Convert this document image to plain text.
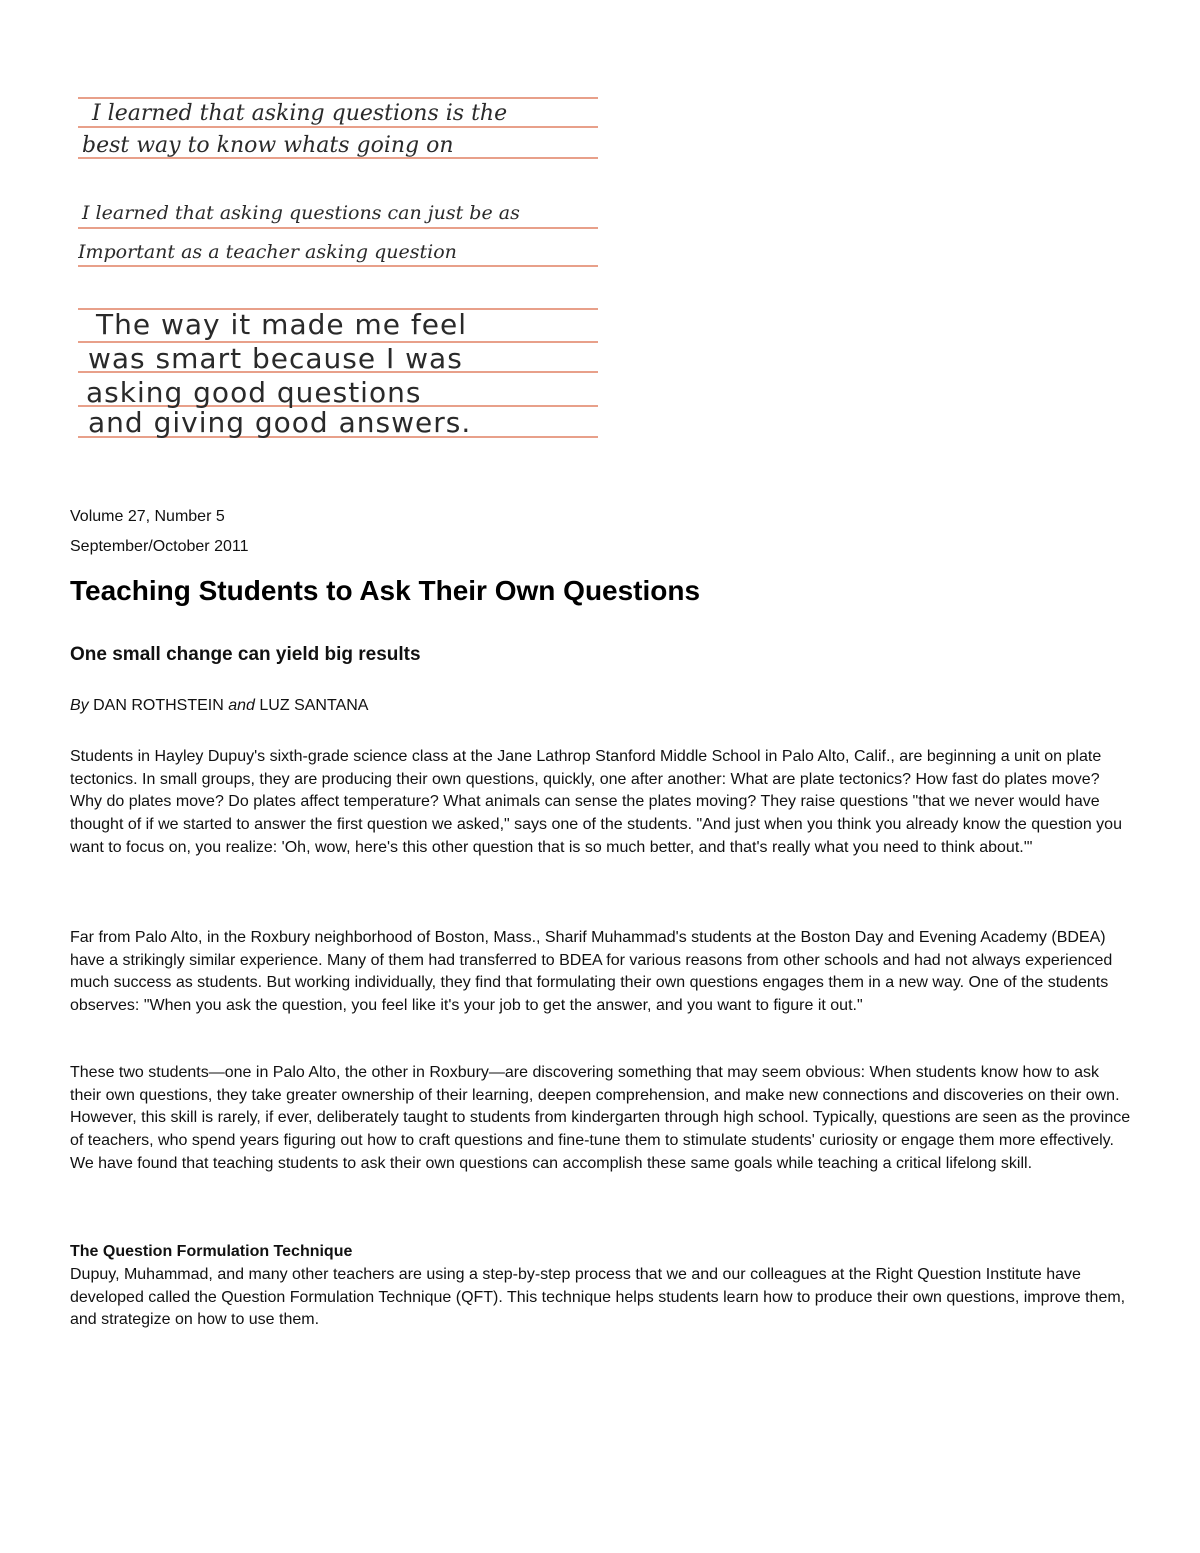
I learned that asking questions is the
best way to know whats going on
I learned that asking questions can just be as
Important as a teacher asking question
The way it made me feel
was smart because I was
asking good questions
and giving good answers.
Volume 27, Number 5
September/October 2011
Teaching Students to Ask Their Own Questions
One small change can yield big results
By DAN ROTHSTEIN and LUZ SANTANA

Students in Hayley Dupuy's sixth-grade science class at the Jane Lathrop Stanford Middle School in Palo Alto, Calif., are beginning a unit on plate tectonics. In small groups, they are producing their own questions, quickly, one after another: What are plate tectonics? How fast do plates move? Why do plates move? Do plates affect temperature? What animals can sense the plates moving? They raise questions "that we never would have thought of if we started to answer the first question we asked," says one of the students. "And just when you think you already know the question you want to focus on, you realize: 'Oh, wow, here's this other question that is so much better, and that's really what you need to think about.'"

Far from Palo Alto, in the Roxbury neighborhood of Boston, Mass., Sharif Muhammad's students at the Boston Day and Evening Academy (BDEA) have a strikingly similar experience. Many of them had transferred to BDEA for various reasons from other schools and had not always experienced much success as students. But working individually, they find that formulating their own questions engages them in a new way. One of the students observes: "When you ask the question, you feel like it's your job to get the answer, and you want to figure it out."

These two students—one in Palo Alto, the other in Roxbury—are discovering something that may seem obvious: When students know how to ask their own questions, they take greater ownership of their learning, deepen comprehension, and make new connections and discoveries on their own. However, this skill is rarely, if ever, deliberately taught to students from kindergarten through high school. Typically, questions are seen as the province of teachers, who spend years figuring out how to craft questions and fine-tune them to stimulate students' curiosity or engage them more effectively. We have found that teaching students to ask their own questions can accomplish these same goals while teaching a critical lifelong skill.

The Question Formulation Technique

Dupuy, Muhammad, and many other teachers are using a step-by-step process that we and our colleagues at the Right Question Institute have developed called the Question Formulation Technique (QFT). This technique helps students learn how to produce their own questions, improve them, and strategize on how to use them.
